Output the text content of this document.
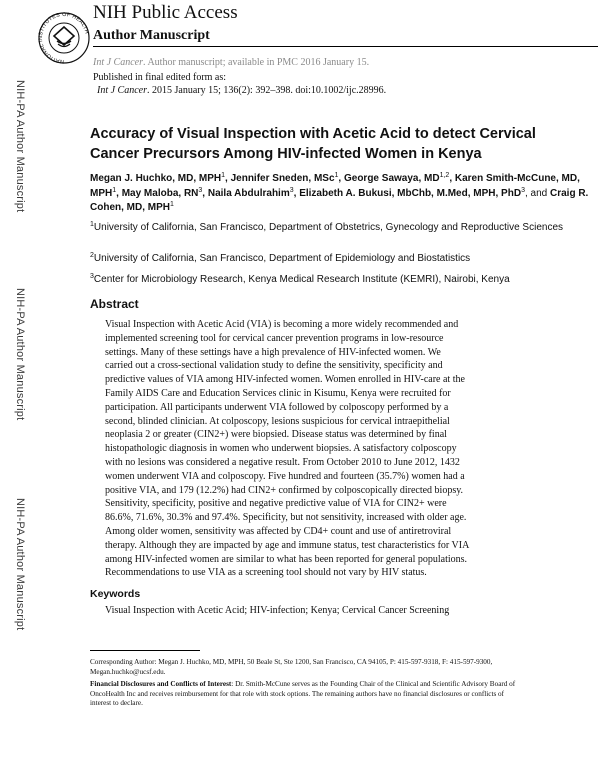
NATIONAL INSTITUTES OF HEALTH
NIH Public Access
Author Manuscript
Int J Cancer. Author manuscript; available in PMC 2016 January 15.
Published in final edited form as:
Int J Cancer. 2015 January 15; 136(2): 392–398. doi:10.1002/ijc.28996.
NIH-PA Author Manuscript
NIH-PA Author Manuscript
NIH-PA Author Manuscript
Accuracy of Visual Inspection with Acetic Acid to detect Cervical Cancer Precursors Among HIV-infected Women in Kenya
Megan J. Huchko, MD, MPH$^1$, Jennifer Sneden, MSc$^1$, George Sawaya, MD$^{1,2}$, Karen Smith-McCune, MD, MPH$^1$, May Maloba, $RN^3$, Naila Abdulrahim$^3$, Elizabeth A. Bukusi, MbChb, M.Med, MPH, PhD$^3$, and Craig R. Cohen, MD, MPH$^1$
$^1$University of California, San Francisco, Department of Obstetrics, Gynecology and Reproductive Sciences
$^2$University of California, San Francisco, Department of Epidemiology and Biostatistics
$^3$Center for Microbiology Research, Kenya Medical Research Institute (KEMRI), Nairobi, Kenya
Abstract
Visual Inspection with Acetic Acid (VIA) is becoming a more widely recommended and implemented screening tool for cervical cancer prevention programs in low-resource settings. Many of these settings have a high prevalence of HIV-infected women. We carried out a cross-sectional validation study to define the sensitivity, specificity and predictive values of VIA among HIV-infected women. Women enrolled in HIV-care at the Family AIDS Care and Education Services clinic in Kisumu, Kenya were recruited for participation. All participants underwent VIA followed by colposcopy performed by a second, blinded clinician. At colposcopy, lesions suspicious for cervical intraepithelial neoplasia 2 or greater (CIN2+) were biopsied. Disease status was determined by final histopathologic diagnosis in women who underwent biopsies. A satisfactory colposcopy with no lesions was considered a negative result. From October 2010 to June 2012, 1432 women underwent VIA and colposcopy. Five hundred and fourteen (35.7%) women had a positive VIA, and 179 (12.2%) had CIN2+ confirmed by colposcopically directed biopsy. Sensitivity, specificity, positive and negative predictive value of VIA for CIN2+ were 86.6%, 71.6%, 30.3% and 97.4%. Specificity, but not sensitivity, increased with older age. Among older women, sensitivity was affected by CD4+ count and use of antiretroviral therapy. Although they are impacted by age and immune status, test characteristics for VIA among HIV-infected women are similar to what has been reported for general populations. Recommendations to use VIA as a screening tool should not vary by HIV status.
Keywords
Visual Inspection with Acetic Acid; HIV-infection; Kenya; Cervical Cancer Screening
Corresponding Author: Megan J. Huchko, MD, MPH, 50 Beale St, Ste 1200, San Francisco, CA 94105, P: 415-597-9318, F: 415-597-9300, Megan.huchko@ucsf.edu.
Financial Disclosures and Conflicts of Interest: Dr. Smith-McCune serves as the Founding Chair of the Clinical and Scientific Advisory Board of OncoHealth Inc and receives reimbursement for that role with stock options. The remaining authors have no financial disclosures or conflicts of interest to declare.
